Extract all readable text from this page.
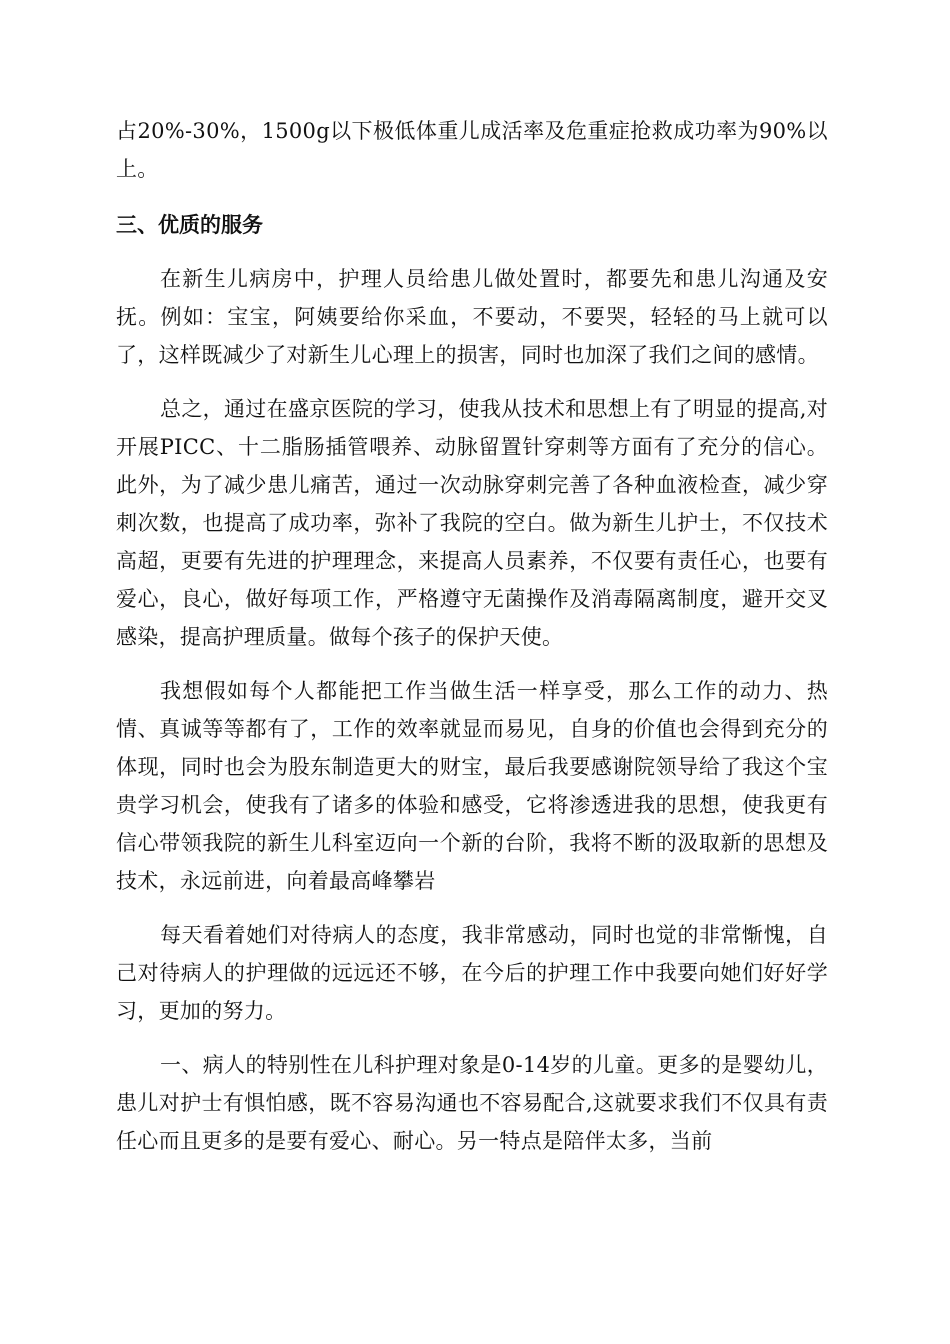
占20%-30%，1500g以下极低体重儿成活率及危重症抢救成功率为90%以上。

三、优质的服务

在新生儿病房中，护理人员给患儿做处置时，都要先和患儿沟通及安抚。例如：宝宝，阿姨要给你采血，不要动，不要哭，轻轻的马上就可以了，这样既减少了对新生儿心理上的损害，同时也加深了我们之间的感情。

总之，通过在盛京医院的学习，使我从技术和思想上有了明显的提高,对开展PICC、十二脂肠插管喂养、动脉留置针穿刺等方面有了充分的信心。此外，为了减少患儿痛苦，通过一次动脉穿刺完善了各种血液检查，减少穿刺次数，也提高了成功率，弥补了我院的空白。做为新生儿护士，不仅技术高超，更要有先进的护理理念，来提高人员素养，不仅要有责任心，也要有爱心，良心，做好每项工作，严格遵守无菌操作及消毒隔离制度，避开交叉感染，提高护理质量。做每个孩子的保护天使。

我想假如每个人都能把工作当做生活一样享受，那么工作的动力、热情、真诚等等都有了，工作的效率就显而易见，自身的价值也会得到充分的体现，同时也会为股东制造更大的财宝，最后我要感谢院领导给了我这个宝贵学习机会，使我有了诸多的体验和感受，它将渗透进我的思想，使我更有信心带领我院的新生儿科室迈向一个新的台阶，我将不断的汲取新的思想及技术，永远前进，向着最高峰攀岩

每天看着她们对待病人的态度，我非常感动，同时也觉的非常惭愧，自己对待病人的护理做的远远还不够，在今后的护理工作中我要向她们好好学习，更加的努力。

一、病人的特别性在儿科护理对象是0-14岁的儿童。更多的是婴幼儿，患儿对护士有惧怕感，既不容易沟通也不容易配合,这就要求我们不仅具有责任心而且更多的是要有爱心、耐心。另一特点是陪伴太多，当前
